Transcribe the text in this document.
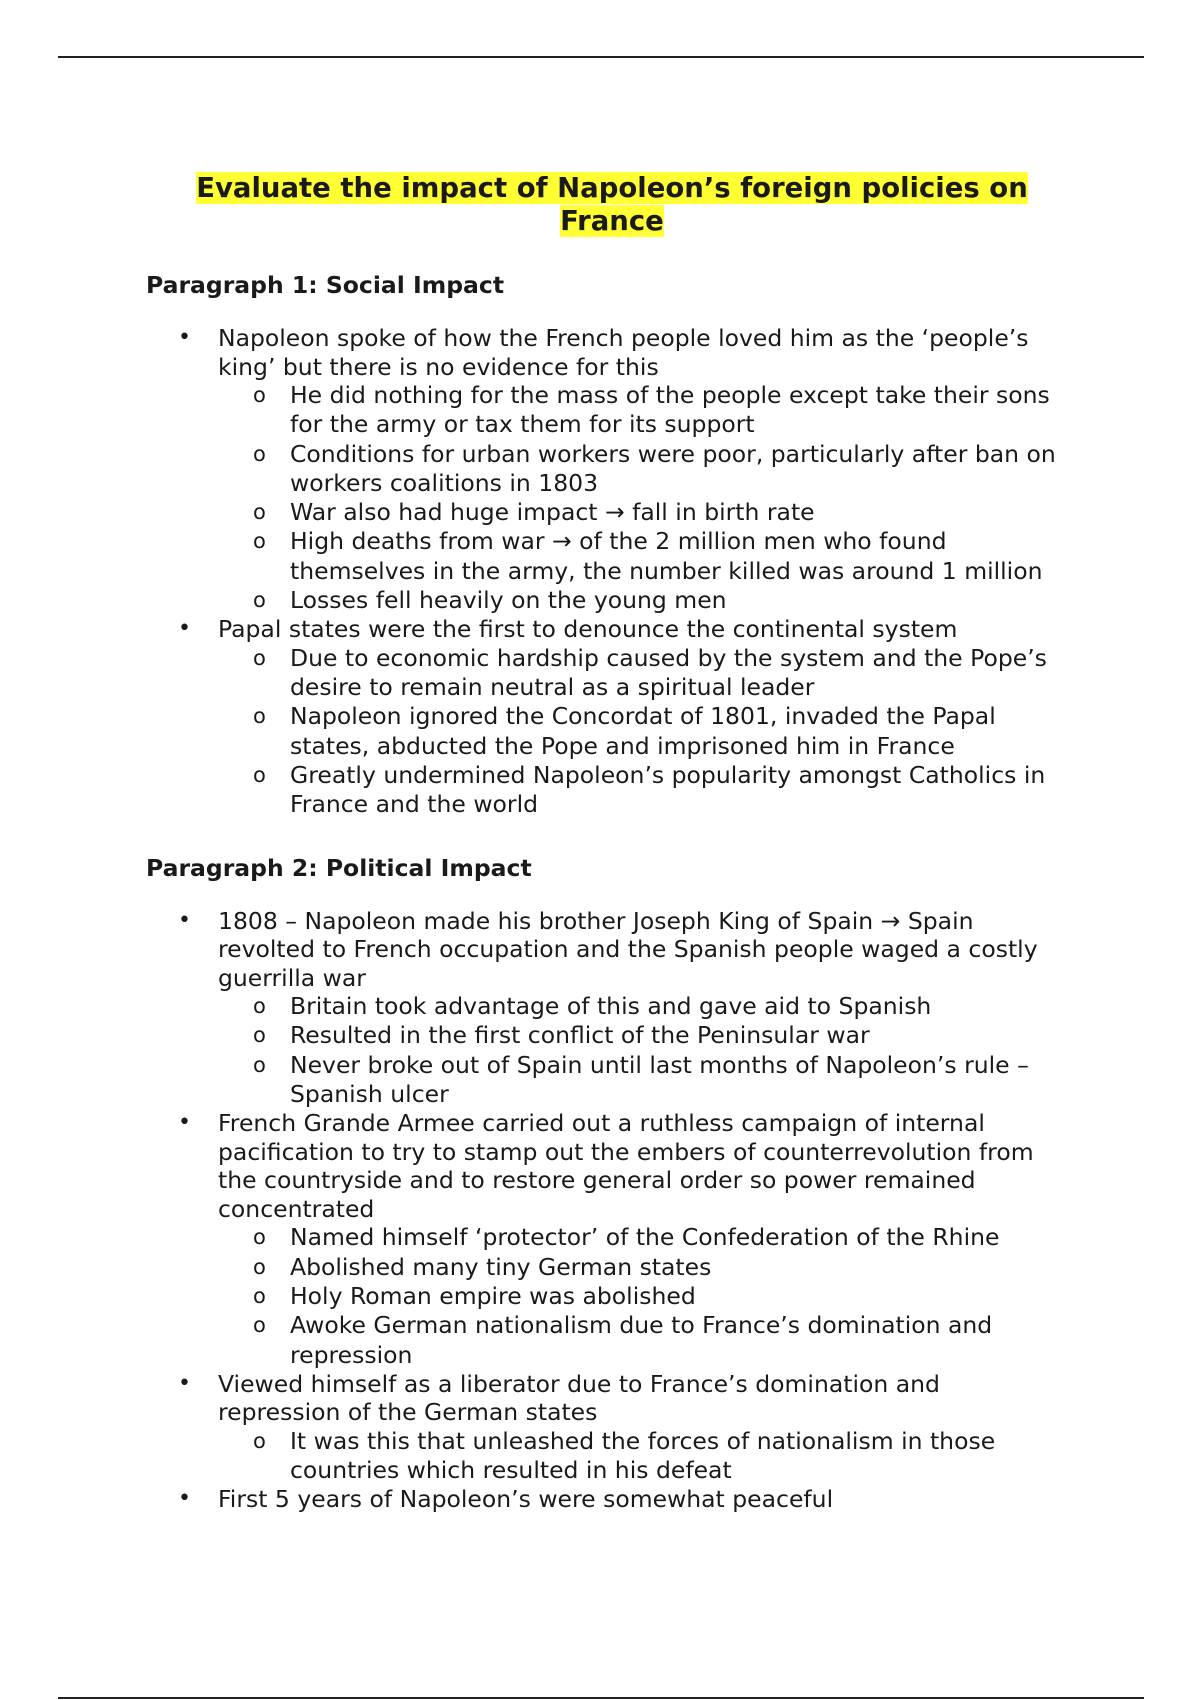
Evaluate the impact of Napoleon’s foreign policies on France
Paragraph 1: Social Impact
• Napoleon spoke of how the French people loved him as the ‘people’s king’ but there is no evidence for this
o He did nothing for the mass of the people except take their sons for the army or tax them for its support
o Conditions for urban workers were poor, particularly after ban on workers coalitions in 1803
o War also had huge impact → fall in birth rate
o High deaths from war → of the 2 million men who found themselves in the army, the number killed was around 1 million
o Losses fell heavily on the young men
• Papal states were the first to denounce the continental system
o Due to economic hardship caused by the system and the Pope’s desire to remain neutral as a spiritual leader
o Napoleon ignored the Concordat of 1801, invaded the Papal states, abducted the Pope and imprisoned him in France
o Greatly undermined Napoleon’s popularity amongst Catholics in France and the world
Paragraph 2: Political Impact
• 1808 – Napoleon made his brother Joseph King of Spain → Spain revolted to French occupation and the Spanish people waged a costly guerrilla war
o Britain took advantage of this and gave aid to Spanish
o Resulted in the first conflict of the Peninsular war
o Never broke out of Spain until last months of Napoleon’s rule – Spanish ulcer
• French Grande Armee carried out a ruthless campaign of internal pacification to try to stamp out the embers of counterrevolution from the countryside and to restore general order so power remained concentrated
o Named himself ‘protector’ of the Confederation of the Rhine
o Abolished many tiny German states
o Holy Roman empire was abolished
o Awoke German nationalism due to France’s domination and repression
• Viewed himself as a liberator due to France’s domination and repression of the German states
o It was this that unleashed the forces of nationalism in those countries which resulted in his defeat
• First 5 years of Napoleon’s were somewhat peaceful
